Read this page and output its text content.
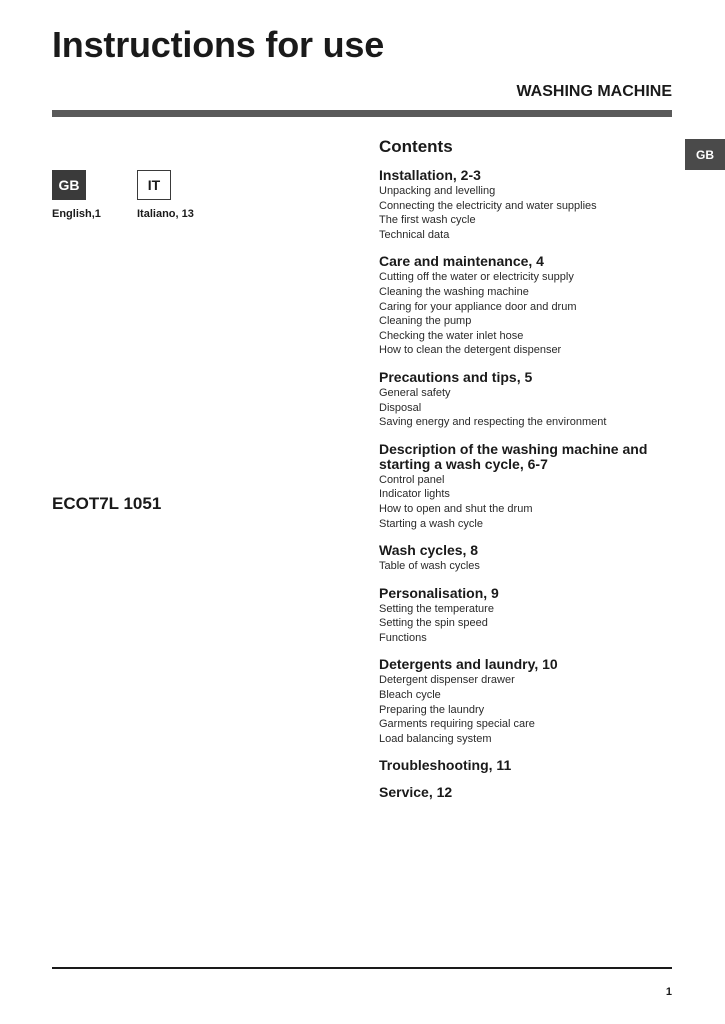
Instructions for use
WASHING MACHINE
GB
GB
English,1
IT
Italiano, 13
ECOT7L 1051
Contents
Installation, 2-3
Unpacking and levelling
Connecting the electricity and water supplies
The first wash cycle
Technical data
Care and maintenance, 4
Cutting off the water or electricity supply
Cleaning the washing machine
Caring for your appliance door and drum
Cleaning the pump
Checking the water inlet hose
How to clean the detergent dispenser
Precautions and tips, 5
General safety
Disposal
Saving energy and respecting the environment
Description of the washing machine and starting a wash cycle, 6-7
Control panel
Indicator lights
How to open and shut the drum
Starting a wash cycle
Wash cycles, 8
Table of wash cycles
Personalisation, 9
Setting the temperature
Setting the spin speed
Functions
Detergents and laundry, 10
Detergent dispenser drawer
Bleach cycle
Preparing the laundry
Garments requiring special care
Load balancing system
Troubleshooting, 11
Service, 12
1
